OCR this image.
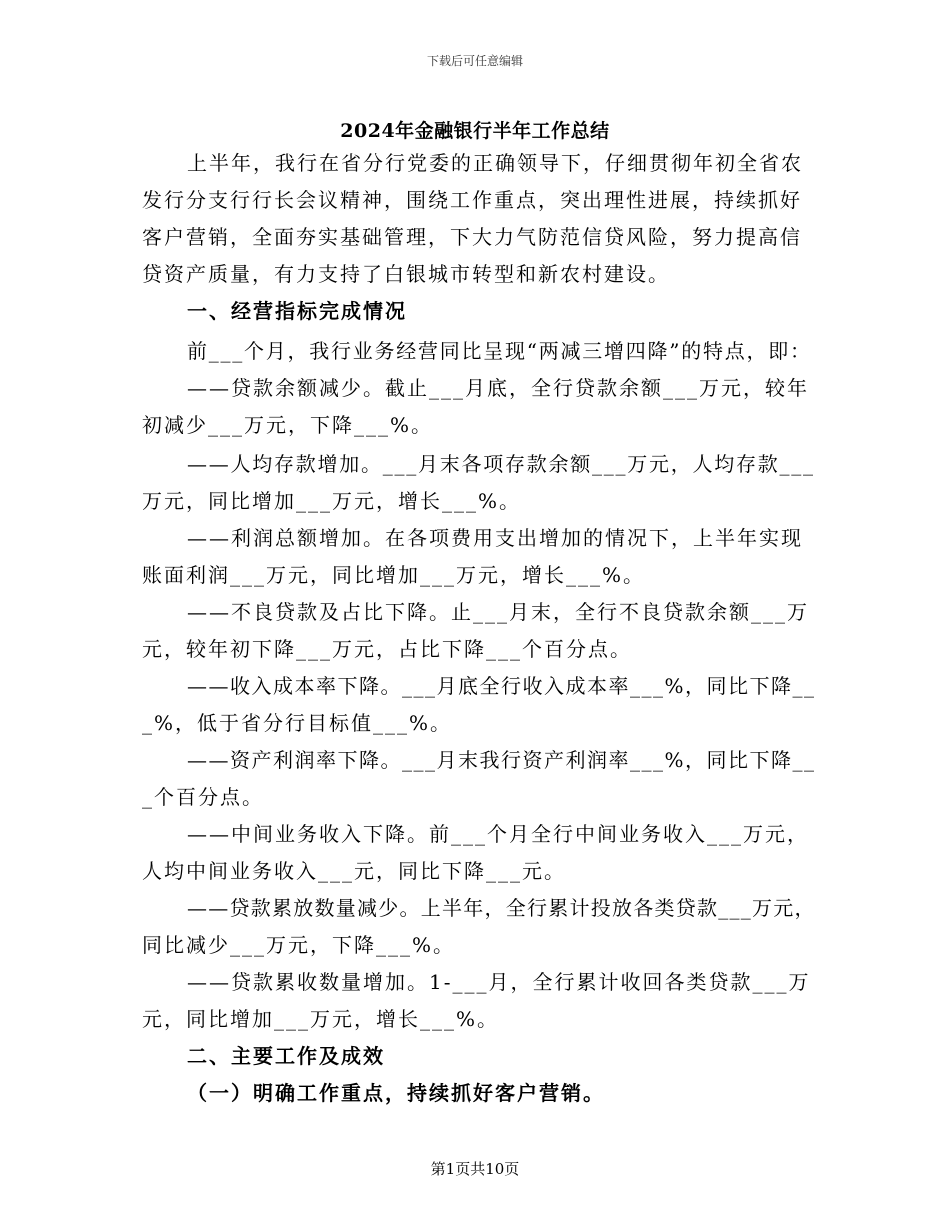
下载后可任意编辑
2024年金融银行半年工作总结
上半年，我行在省分行党委的正确领导下，仔细贯彻年初全省农
发行分支行行长会议精神，围绕工作重点，突出理性进展，持续抓好
客户营销，全面夯实基础管理，下大力气防范信贷风险，努力提高信
贷资产质量，有力支持了白银城市转型和新农村建设。
一、经营指标完成情况
前___个月，我行业务经营同比呈现“两减三增四降”的特点，即：
——贷款余额减少。截止___月底，全行贷款余额___万元，较年
初减少___万元，下降___%。
——人均存款增加。___月末各项存款余额___万元，人均存款___
万元，同比增加___万元，增长___%。
——利润总额增加。在各项费用支出增加的情况下，上半年实现
账面利润___万元，同比增加___万元，增长___%。
——不良贷款及占比下降。止___月末，全行不良贷款余额___万
元，较年初下降___万元，占比下降___个百分点。
——收入成本率下降。___月底全行收入成本率___%，同比下降__
_%，低于省分行目标值___%。
——资产利润率下降。___月末我行资产利润率___%，同比下降__
_个百分点。
——中间业务收入下降。前___个月全行中间业务收入___万元，
人均中间业务收入___元，同比下降___元。
——贷款累放数量减少。上半年，全行累计投放各类贷款___万元，
同比减少___万元，下降___%。
——贷款累收数量增加。1-___月，全行累计收回各类贷款___万
元，同比增加___万元，增长___%。
二、主要工作及成效
（一）明确工作重点，持续抓好客户营销。
第1页共10页
